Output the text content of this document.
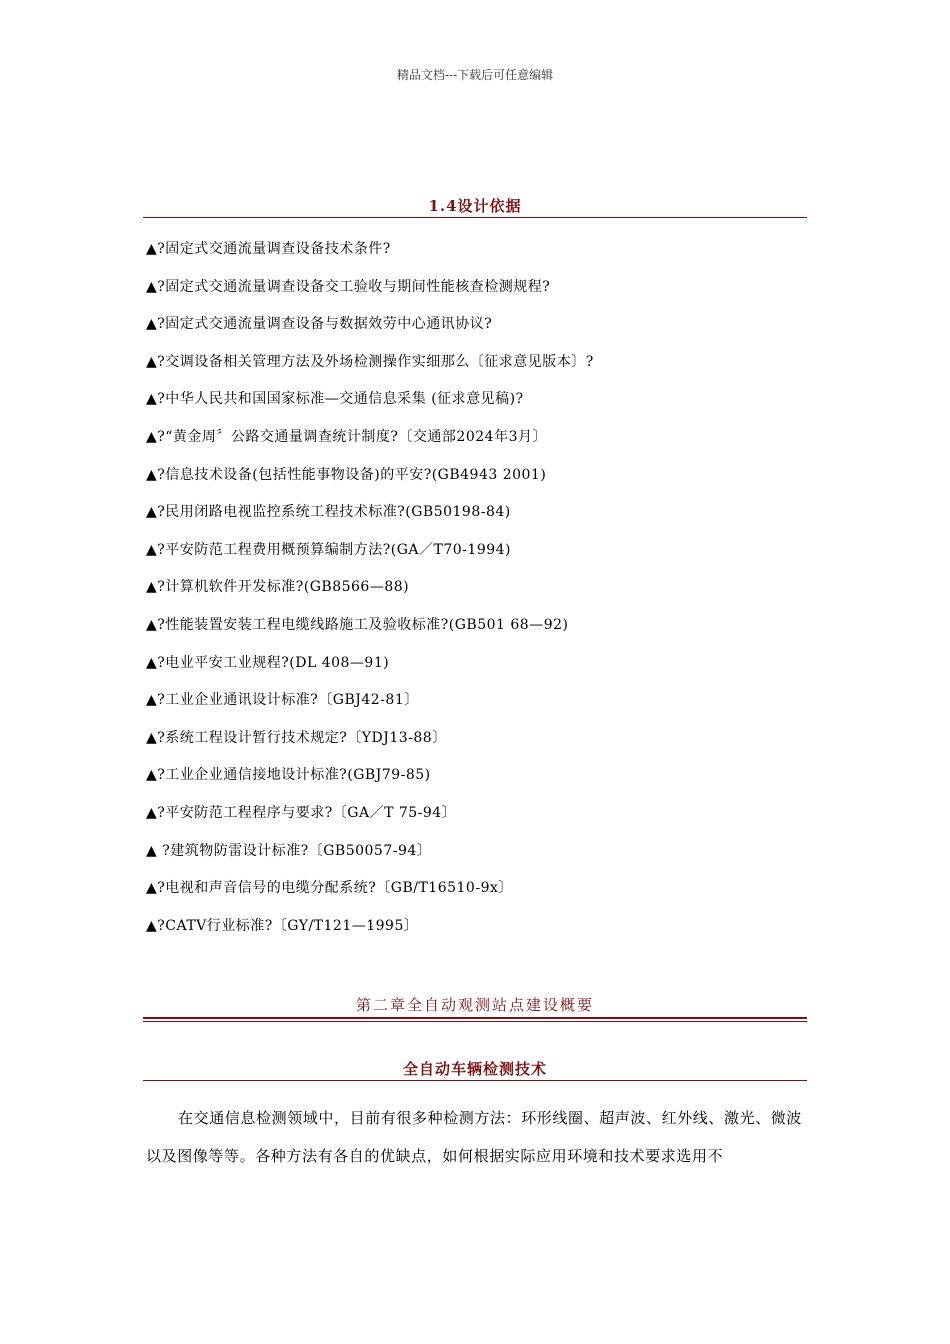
精品文档---下载后可任意编辑
1.4设计依据
▲?固定式交通流量调查设备技术条件?
▲?固定式交通流量调查设备交工验收与期间性能核查检测规程?
▲?固定式交通流量调查设备与数据效劳中心通讯协议?
▲?交调设备相关管理方法及外场检测操作实细那么〔征求意见版本〕?
▲?中华人民共和国国家标准—交通信息采集 (征求意见稿)?
▲?“黄金周〞公路交通量调查统计制度?〔交通部2024年3月〕
▲?信息技术设备(包括性能事物设备)的平安?(GB4943 2001)
▲?民用闭路电视监控系统工程技术标准?(GB50198-84)
▲?平安防范工程费用概预算编制方法?(GA／T70-1994)
▲?计算机软件开发标准?(GB8566—88)
▲?性能装置安装工程电缆线路施工及验收标准?(GB501 68—92)
▲?电业平安工业规程?(DL 408—91)
▲?工业企业通讯设计标准?〔GBJ42-81〕
▲?系统工程设计暂行技术规定?〔YDJ13-88〕
▲?工业企业通信接地设计标准?(GBJ79-85)
▲?平安防范工程程序与要求?〔GA／T 75-94〕
▲ ?建筑物防雷设计标准?〔GB50057-94〕
▲?电视和声音信号的电缆分配系统?〔GB/T16510-9x〕
▲?CATV行业标准?〔GY/T121—1995〕
第二章全自动观测站点建设概要
全自动车辆检测技术

在交通信息检测领域中，目前有很多种检测方法：环形线圈、超声波、红外线、激光、微波以及图像等等。各种方法有各自的优缺点，如何根据实际应用环境和技术要求选用不
